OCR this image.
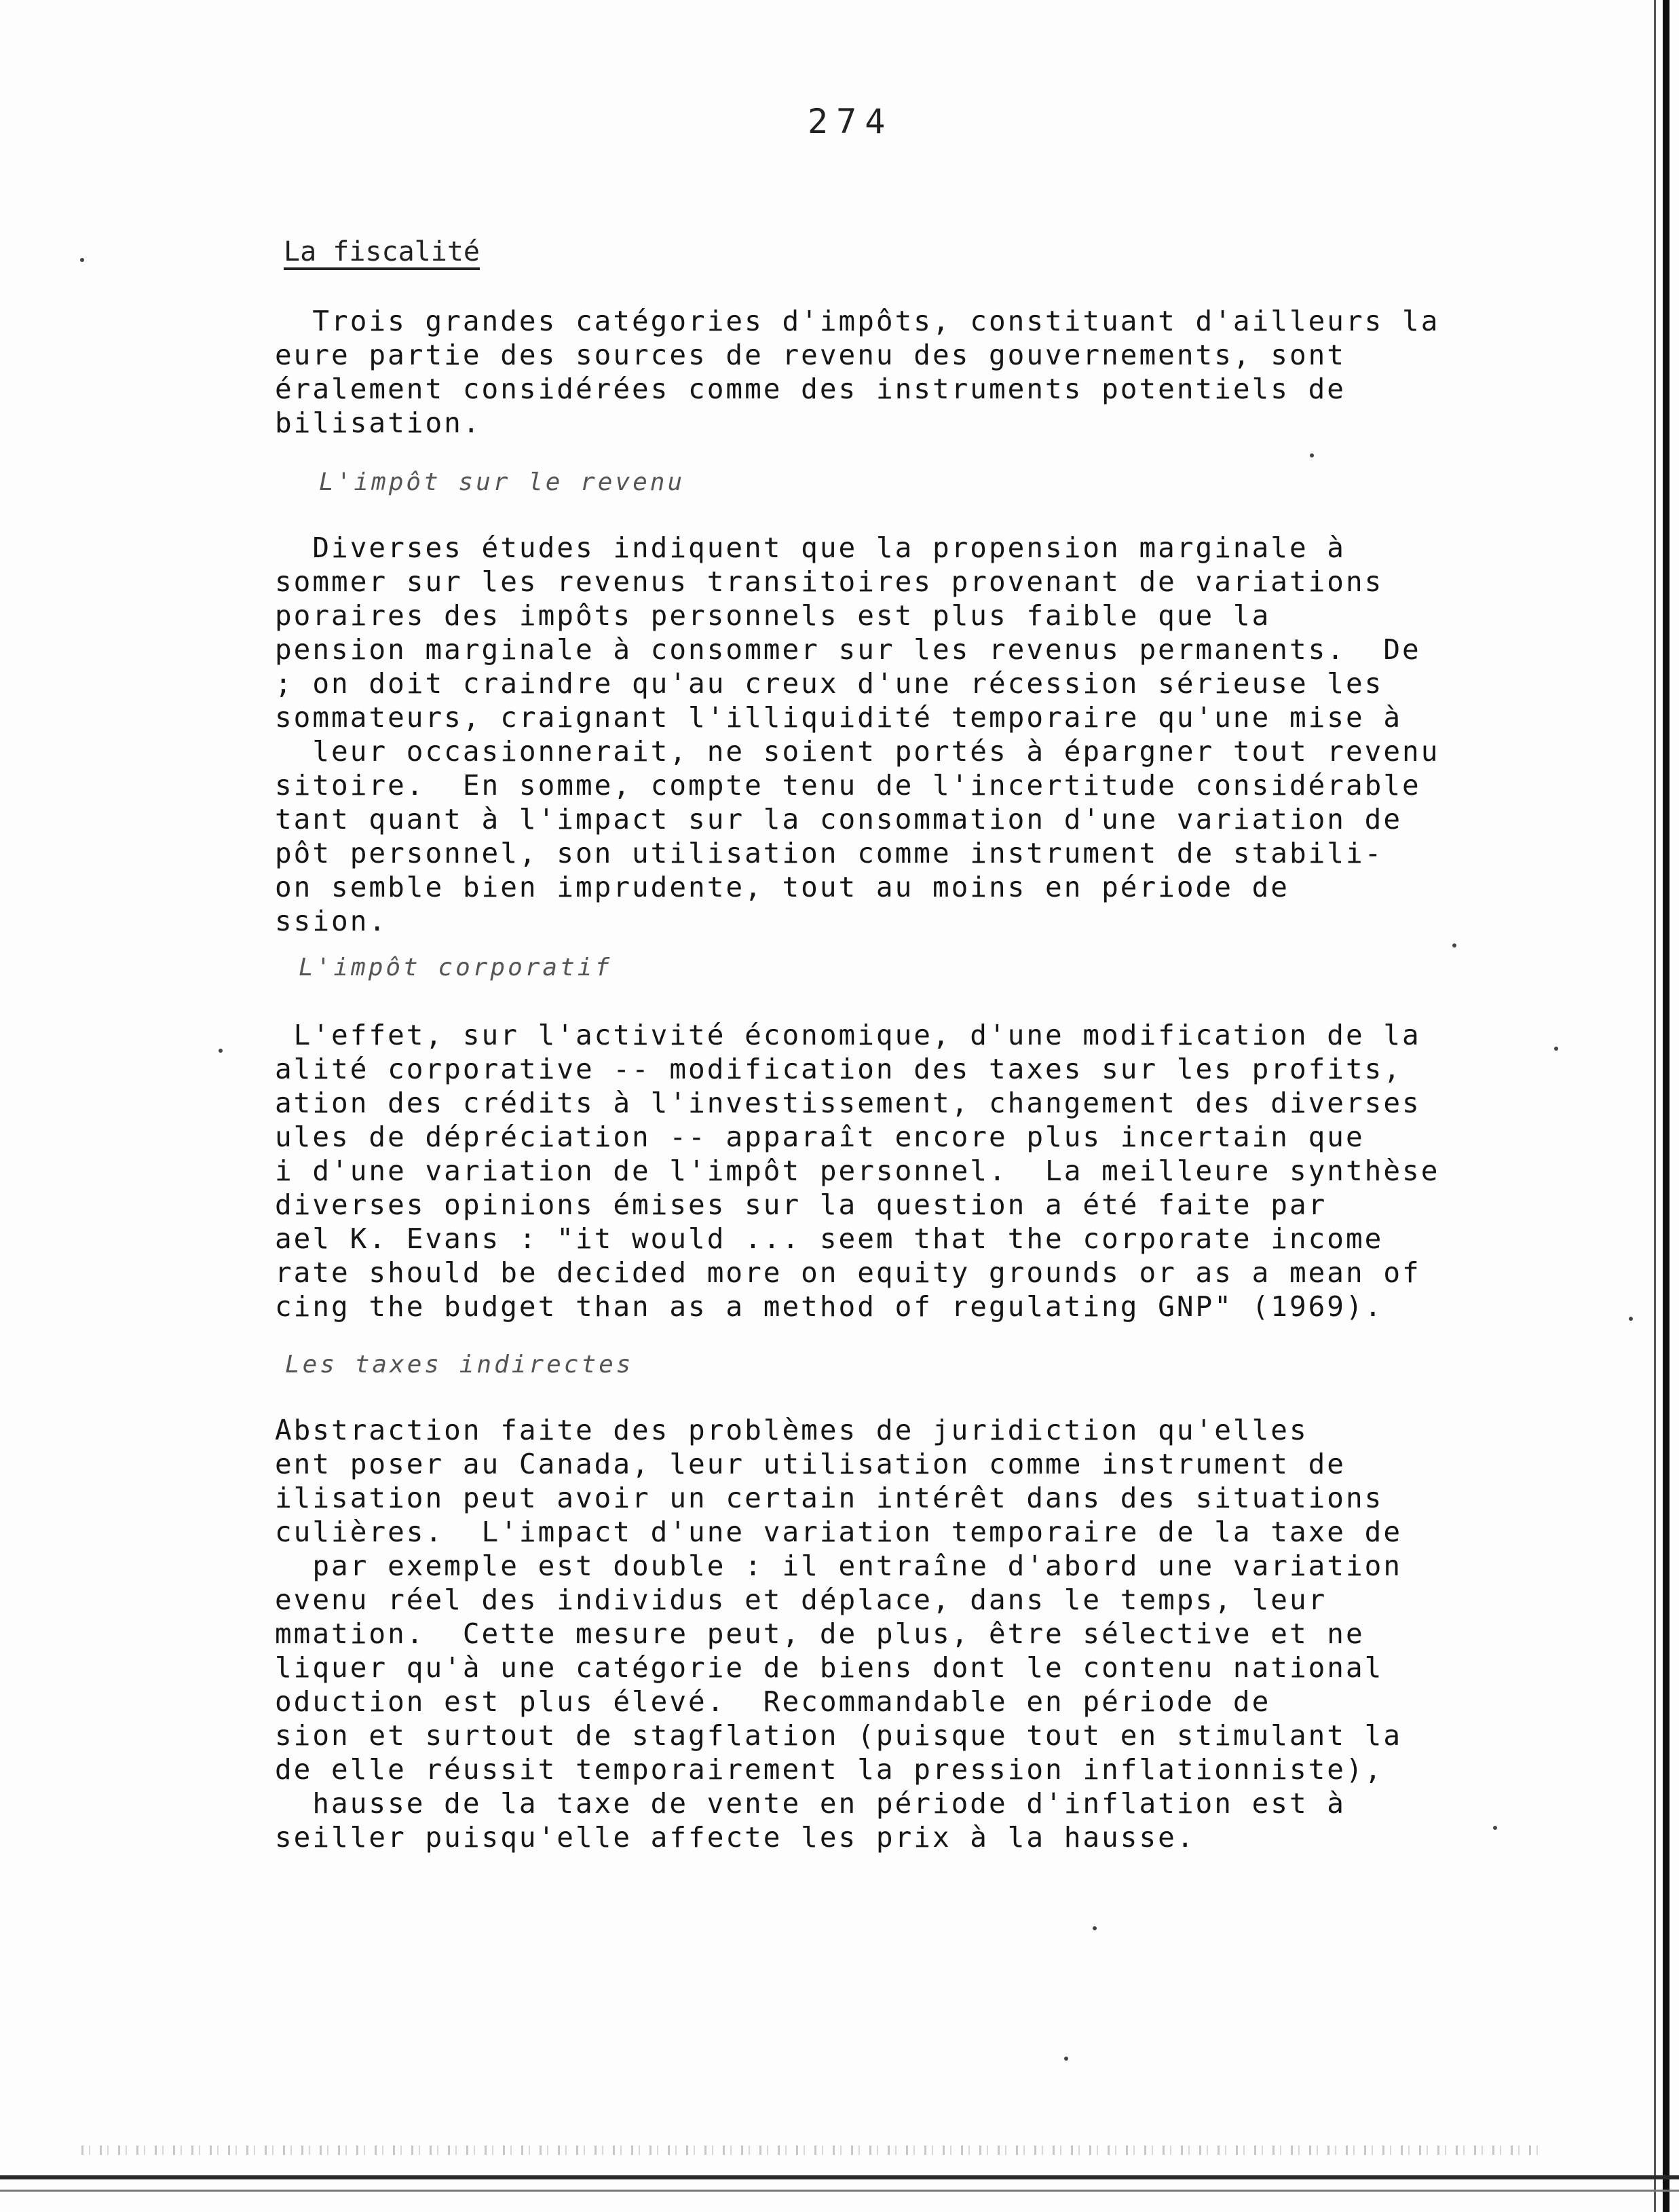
274
La fiscalité
Trois grandes catégories d'impôts, constituant d'ailleurs la
eure partie des sources de revenu des gouvernements, sont
éralement considérées comme des instruments potentiels de
bilisation.
L'impôt sur le revenu
Diverses études indiquent que la propension marginale à
sommer sur les revenus transitoires provenant de variations
poraires des impôts personnels est plus faible que la
pension marginale à consommer sur les revenus permanents.  De
; on doit craindre qu'au creux d'une récession sérieuse les
sommateurs, craignant l'illiquidité temporaire qu'une mise à
leur occasionnerait, ne soient portés à épargner tout revenu
sitoire.  En somme, compte tenu de l'incertitude considérable
tant quant à l'impact sur la consommation d'une variation de
pôt personnel, son utilisation comme instrument de stabili-
on semble bien imprudente, tout au moins en période de
ssion.
L'impôt corporatif
L'effet, sur l'activité économique, d'une modification de la
alité corporative -- modification des taxes sur les profits,
ation des crédits à l'investissement, changement des diverses
ules de dépréciation -- apparaît encore plus incertain que
i d'une variation de l'impôt personnel.  La meilleure synthèse
diverses opinions émises sur la question a été faite par
ael K. Evans : "it would ... seem that the corporate income
rate should be decided more on equity grounds or as a mean of
cing the budget than as a method of regulating GNP" (1969).
Les taxes indirectes
Abstraction faite des problèmes de juridiction qu'elles
ent poser au Canada, leur utilisation comme instrument de
ilisation peut avoir un certain intérêt dans des situations
culières.  L'impact d'une variation temporaire de la taxe de
par exemple est double : il entraîne d'abord une variation
evenu réel des individus et déplace, dans le temps, leur
mmation.  Cette mesure peut, de plus, être sélective et ne
liquer qu'à une catégorie de biens dont le contenu national
oduction est plus élevé.  Recommandable en période de
sion et surtout de stagflation (puisque tout en stimulant la
de elle réussit temporairement la pression inflationniste),
hausse de la taxe de vente en période d'inflation est à
seiller puisqu'elle affecte les prix à la hausse.
